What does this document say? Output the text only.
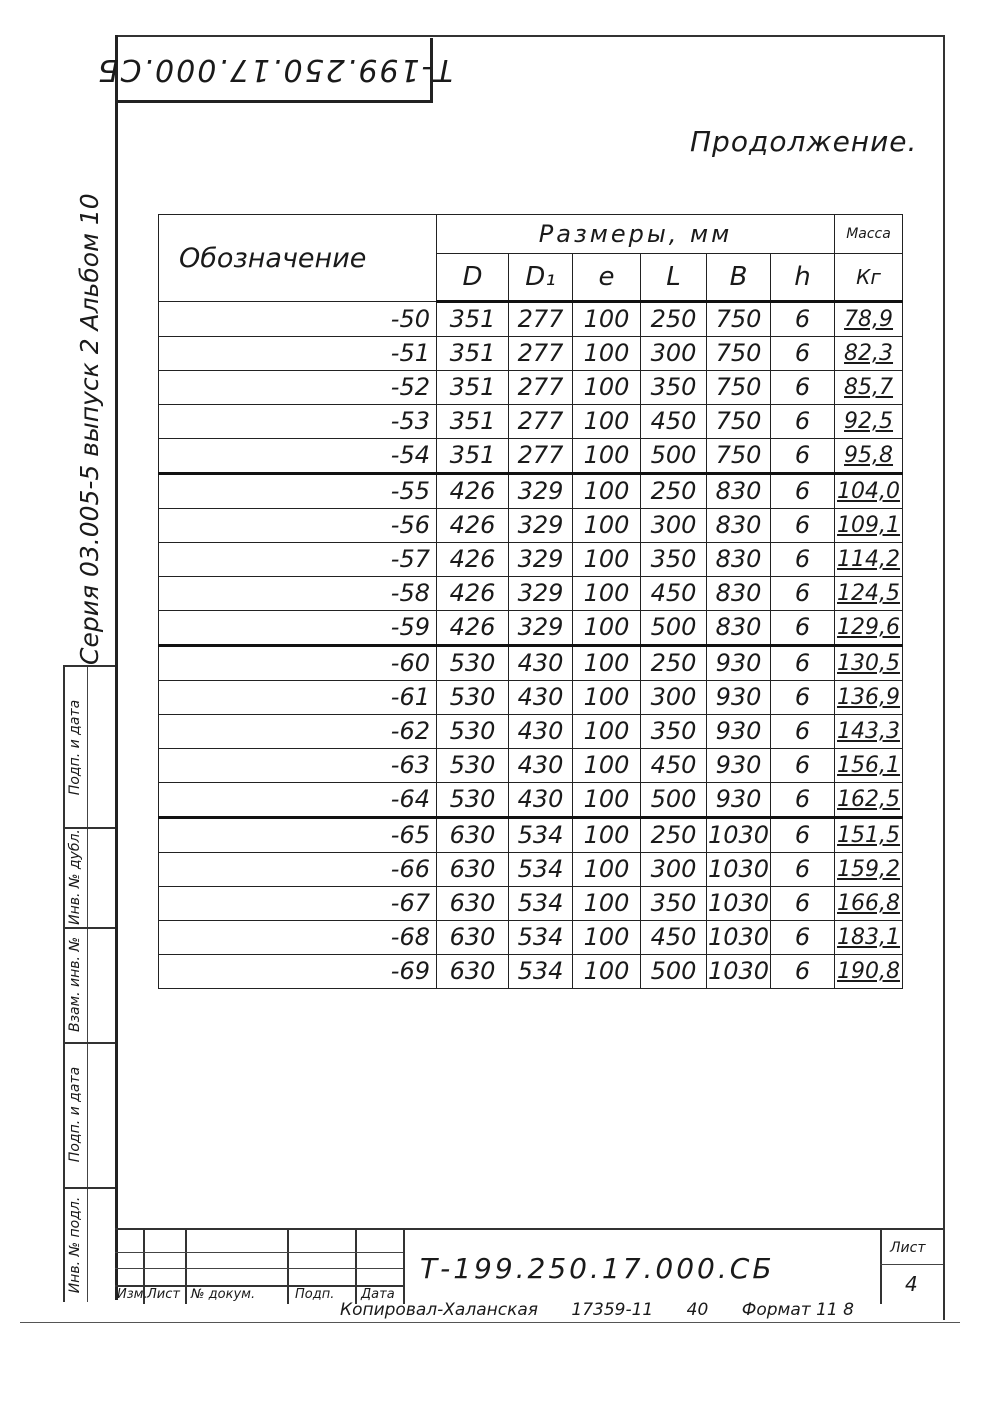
Т-199.250.17.000.СБ
Продолжение.
Серия 03.005-5 выпуск 2 Альбом 10
Подп. и дата
Инв. № дубл.
Взам. инв. №
Подп. и дата
Инв. № подл.
Обозначение	Размеры, мм						Масса
	D	D₁	e	L	B	h	Кг
-50	351	277	100	250	750	6	78,9
-51	351	277	100	300	750	6	82,3
-52	351	277	100	350	750	6	85,7
-53	351	277	100	450	750	6	92,5
-54	351	277	100	500	750	6	95,8
-55	426	329	100	250	830	6	104,0
-56	426	329	100	300	830	6	109,1
-57	426	329	100	350	830	6	114,2
-58	426	329	100	450	830	6	124,5
-59	426	329	100	500	830	6	129,6
-60	530	430	100	250	930	6	130,5
-61	530	430	100	300	930	6	136,9
-62	530	430	100	350	930	6	143,3
-63	530	430	100	450	930	6	156,1
-64	530	430	100	500	930	6	162,5
-65	630	534	100	250	1030	6	151,5
-66	630	534	100	300	1030	6	159,2
-67	630	534	100	350	1030	6	166,8
-68	630	534	100	450	1030	6	183,1
-69	630	534	100	500	1030	6	190,8
Изм. Лист № докум.	Подп. Дата
Т-199.250.17.000.СБ
Лист
4
Копировал-Халанская 17359-11 40 Формат 11 8
